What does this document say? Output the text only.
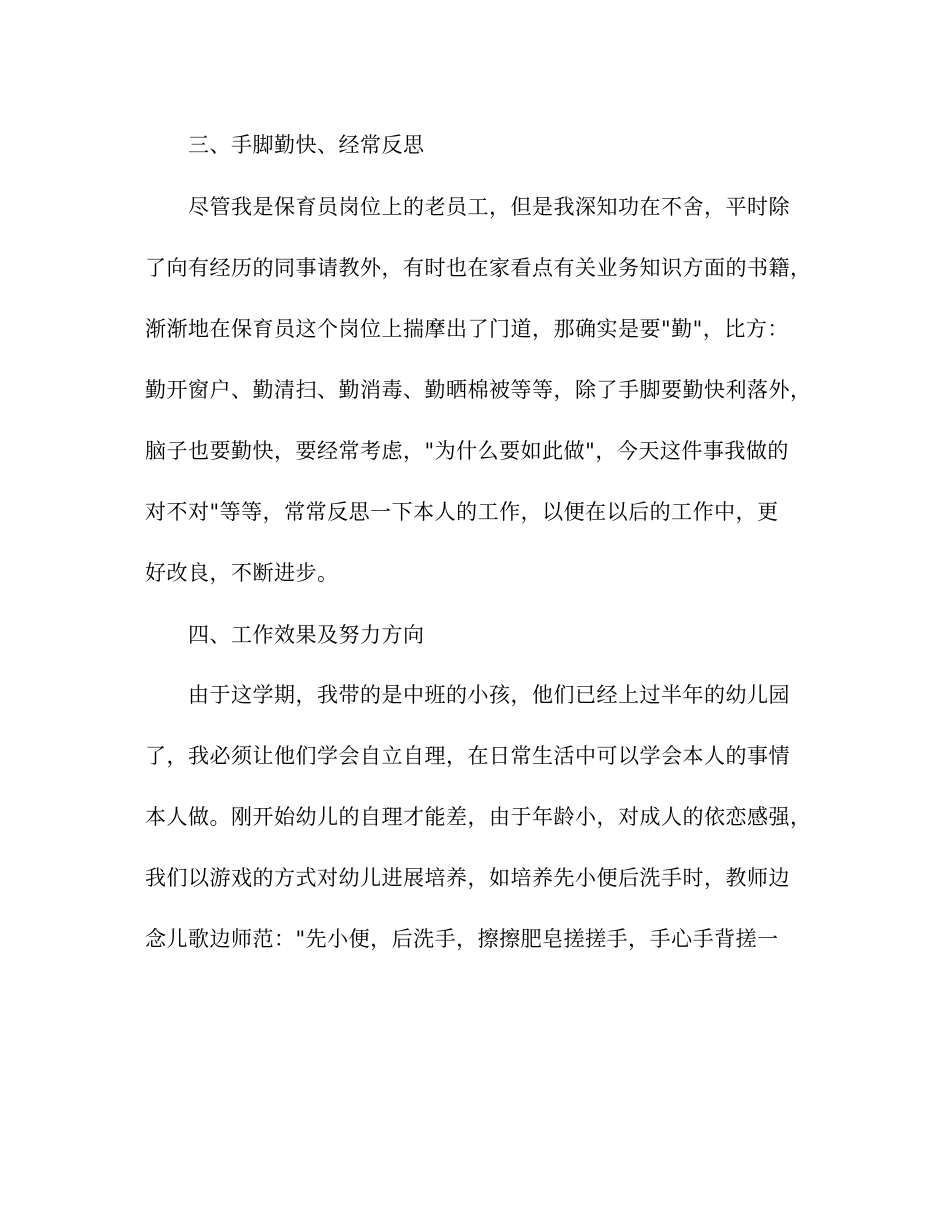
三、手脚勤快、经常反思
尽管我是保育员岗位上的老员工，但是我深知功在不舍，平时除
了向有经历的同事请教外，有时也在家看点有关业务知识方面的书籍，
渐渐地在保育员这个岗位上揣摩出了门道，那确实是要"勤"，比方：
勤开窗户、勤清扫、勤消毒、勤晒棉被等等，除了手脚要勤快利落外，
脑子也要勤快，要经常考虑，"为什么要如此做"，今天这件事我做的
对不对"等等，常常反思一下本人的工作，以便在以后的工作中，更
好改良，不断进步。
四、工作效果及努力方向
由于这学期，我带的是中班的小孩，他们已经上过半年的幼儿园
了，我必须让他们学会自立自理，在日常生活中可以学会本人的事情
本人做。刚开始幼儿的自理才能差，由于年龄小，对成人的依恋感强，
我们以游戏的方式对幼儿进展培养，如培养先小便后洗手时，教师边
念儿歌边师范："先小便，后洗手，擦擦肥皂搓搓手，手心手背搓一
